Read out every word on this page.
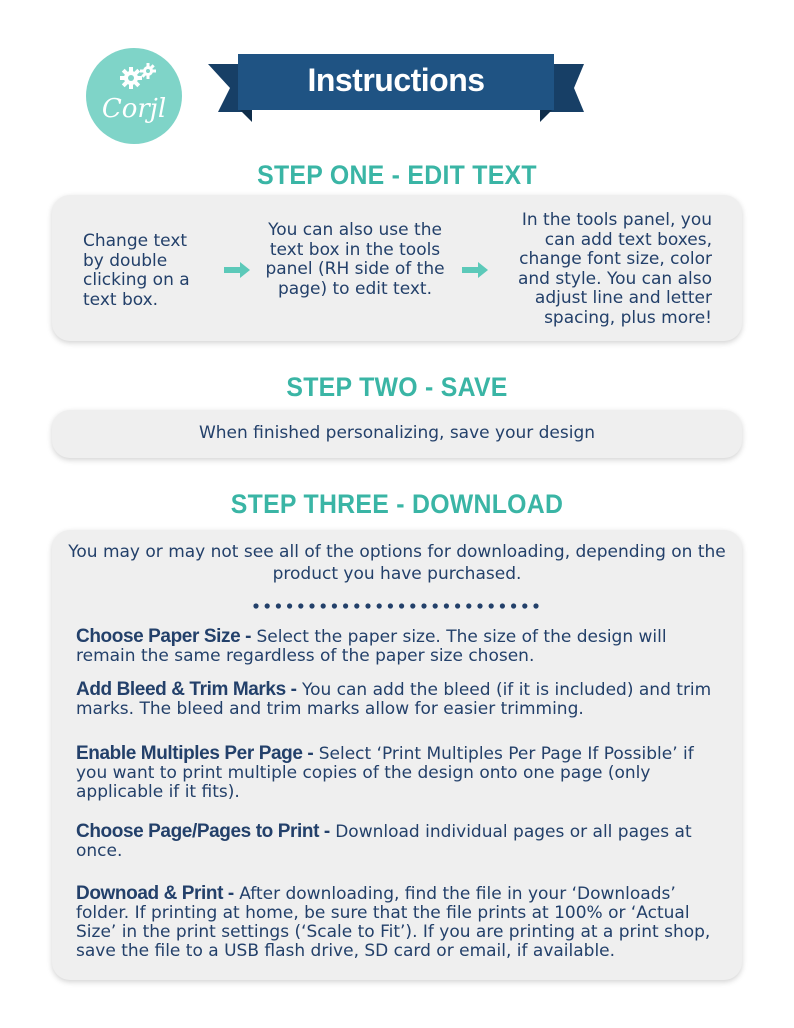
Corjl
Instructions
STEP ONE - EDIT TEXT
Change text by double clicking on a text box.
You can also use the text box in the tools panel (RH side of the page) to edit text.
In the tools panel, you can add text boxes, change font size, color and style. You can also adjust line and letter spacing, plus more!
STEP TWO - SAVE
When finished personalizing, save your design
STEP THREE - DOWNLOAD
You may or may not see all of the options for downloading, depending on the product you have purchased.
Choose Paper Size - Select the paper size. The size of the design will remain the same regardless of the paper size chosen.
Add Bleed & Trim Marks - You can add the bleed (if it is included) and trim marks. The bleed and trim marks allow for easier trimming.
Enable Multiples Per Page - Select ‘Print Multiples Per Page If Possible’ if you want to print multiple copies of the design onto one page (only applicable if it fits).
Choose Page/Pages to Print - Download individual pages or all pages at once.
Downoad & Print - After downloading, find the file in your ‘Downloads’ folder. If printing at home, be sure that the file prints at 100% or ‘Actual Size’ in the print settings (‘Scale to Fit’). If you are printing at a print shop, save the file to a USB flash drive, SD card or email, if available.
